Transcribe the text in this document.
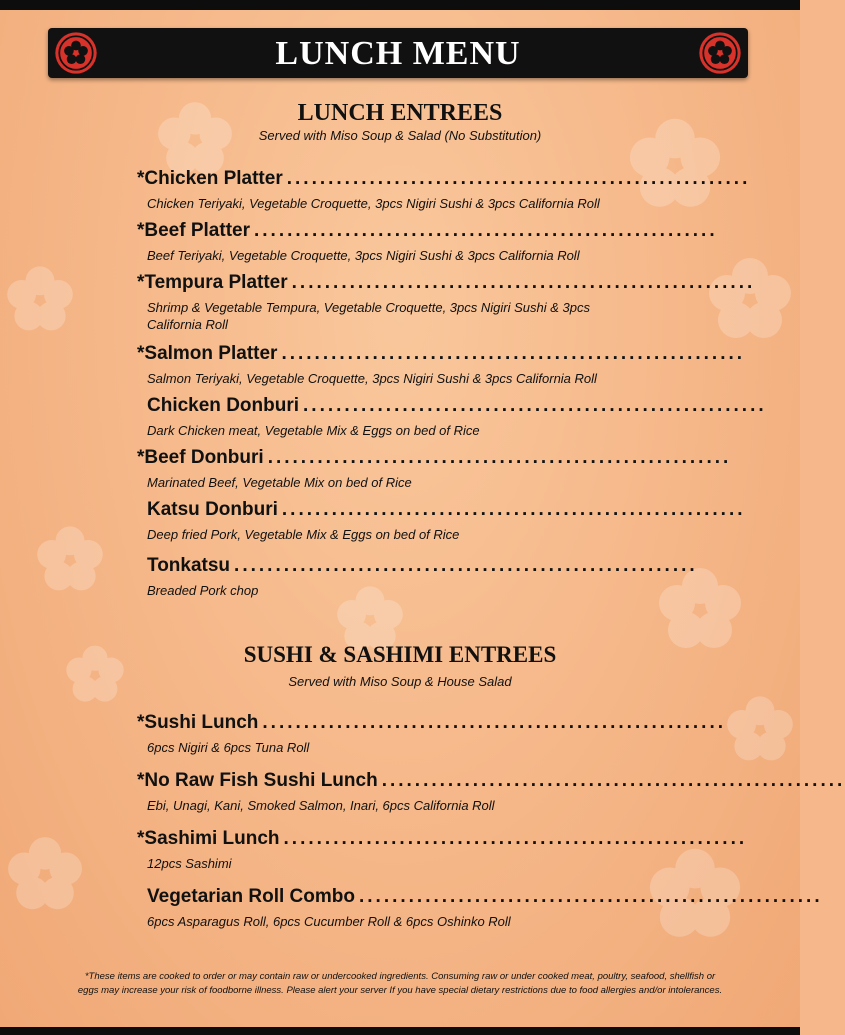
LUNCH MENU
LUNCH ENTREES
Served with Miso Soup & Salad (No Substitution)
*Chicken Platter ........................................................
Chicken Teriyaki, Vegetable Croquette, 3pcs Nigiri Sushi & 3pcs California Roll
*Beef Platter ........................................................
Beef Teriyaki, Vegetable Croquette, 3pcs Nigiri Sushi & 3pcs California Roll
*Tempura Platter ........................................................
Shrimp & Vegetable Tempura, Vegetable Croquette, 3pcs Nigiri Sushi & 3pcs California Roll
*Salmon Platter ........................................................
Salmon Teriyaki, Vegetable Croquette, 3pcs Nigiri Sushi & 3pcs California Roll
Chicken Donburi ........................................................
Dark Chicken meat, Vegetable Mix & Eggs on bed of Rice
*Beef Donburi ........................................................
Marinated Beef, Vegetable Mix on bed of Rice
Katsu Donburi ........................................................
Deep fried Pork, Vegetable Mix & Eggs on bed of Rice
Tonkatsu ........................................................
Breaded Pork chop
SUSHI & SASHIMI ENTREES
Served with Miso Soup & House Salad
*Sushi Lunch ........................................................
6pcs Nigiri & 6pcs Tuna Roll
*No Raw Fish Sushi Lunch ........................................................
Ebi, Unagi, Kani, Smoked Salmon, Inari, 6pcs California Roll
*Sashimi Lunch ........................................................
12pcs Sashimi
Vegetarian Roll Combo ........................................................
6pcs Asparagus Roll, 6pcs Cucumber Roll & 6pcs Oshinko Roll
*These items are cooked to order or may contain raw or undercooked ingredients. Consuming raw or under cooked meat, poultry, seafood, shellfish or
eggs may increase your risk of foodborne illness. Please alert your server If you have special dietary restrictions due to food allergies and/or intolerances.
